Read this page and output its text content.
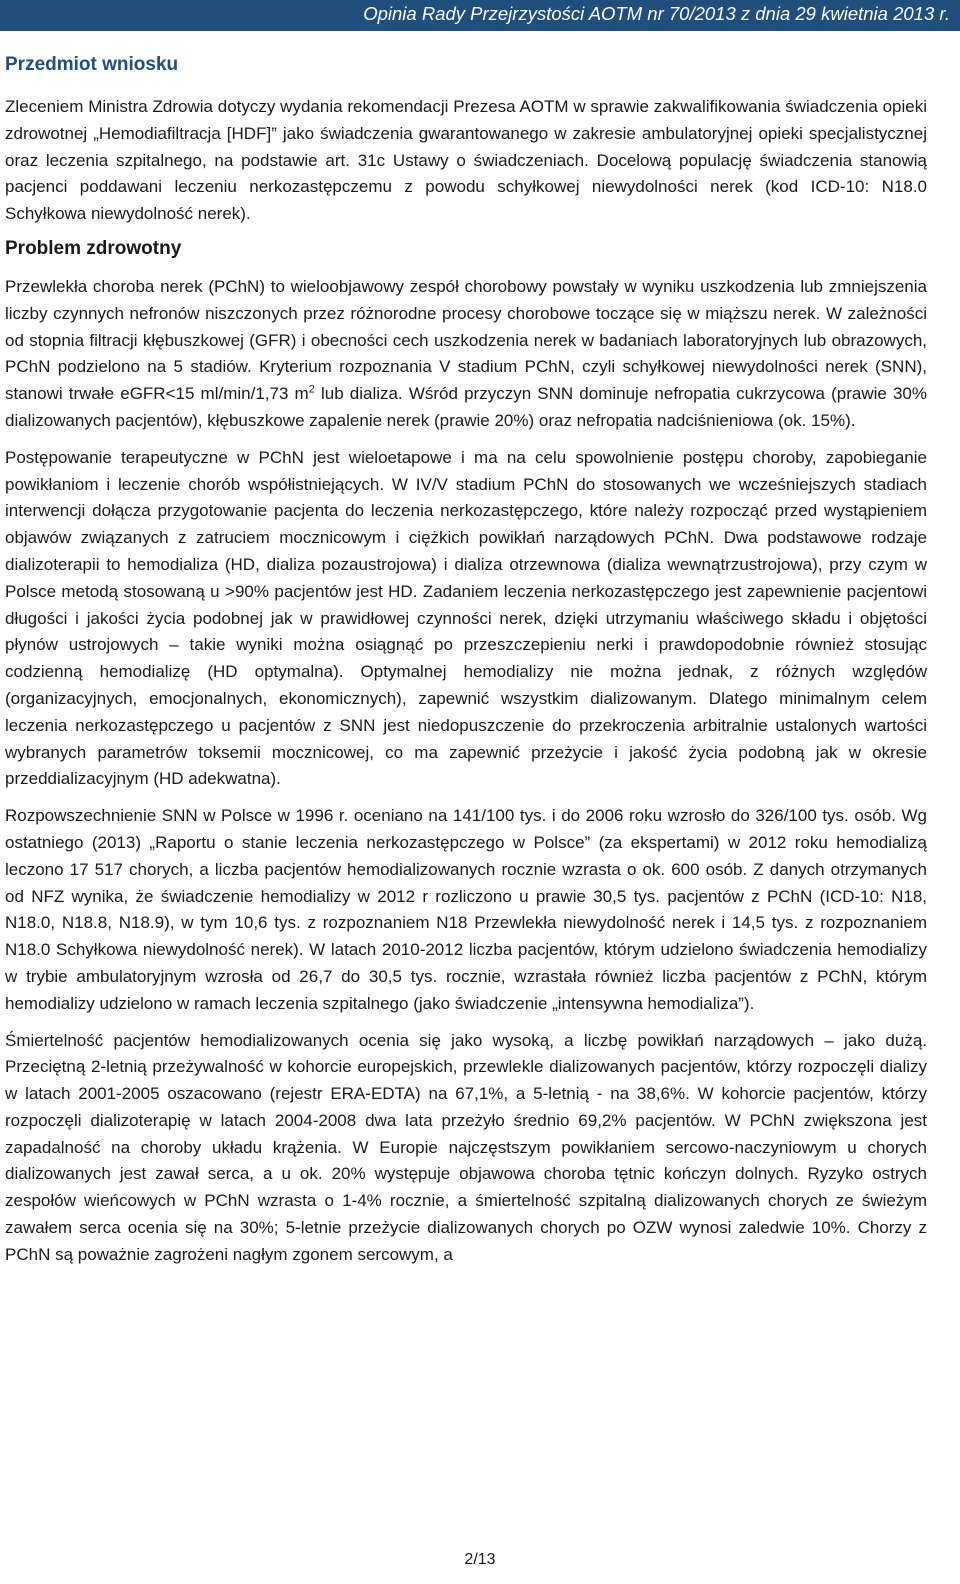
Opinia Rady Przejrzystości AOTM nr 70/2013 z dnia 29 kwietnia 2013 r.
Przedmiot wniosku

Zleceniem Ministra Zdrowia dotyczy wydania rekomendacji Prezesa AOTM w sprawie zakwalifikowania świadczenia opieki zdrowotnej „Hemodiafiltracja [HDF]” jako świadczenia gwarantowanego w zakresie ambulatoryjnej opieki specjalistycznej oraz leczenia szpitalnego, na podstawie art. 31c Ustawy o świadczeniach. Docelową populację świadczenia stanowią pacjenci poddawani leczeniu nerkozastępczemu z powodu schyłkowej niewydolności nerek (kod ICD-10: N18.0 Schyłkowa niewydolność nerek).

Problem zdrowotny

Przewlekła choroba nerek (PChN) to wieloobjawowy zespół chorobowy powstały w wyniku uszkodzenia lub zmniejszenia liczby czynnych nefronów niszczonych przez różnorodne procesy chorobowe toczące się w miąższu nerek. W zależności od stopnia filtracji kłębuszkowej (GFR) i obecności cech uszkodzenia nerek w badaniach laboratoryjnych lub obrazowych, PChN podzielono na 5 stadiów. Kryterium rozpoznania V stadium PChN, czyli schyłkowej niewydolności nerek (SNN), stanowi trwałe eGFR<15 ml/min/1,73 $m^2$ lub dializa. Wśród przyczyn SNN dominuje nefropatia cukrzycowa (prawie 30% dializowanych pacjentów), kłębuszkowe zapalenie nerek (prawie 20%) oraz nefropatia nadciśnieniowa (ok. 15%).

Postępowanie terapeutyczne w PChN jest wieloetapowe i ma na celu spowolnienie postępu choroby, zapobieganie powikłaniom i leczenie chorób współistniejących. W IV/V stadium PChN do stosowanych we wcześniejszych stadiach interwencji dołącza przygotowanie pacjenta do leczenia nerkozastępczego, które należy rozpocząć przed wystąpieniem objawów związanych z zatruciem mocznicowym i ciężkich powikłań narządowych PChN. Dwa podstawowe rodzaje dializoterapii to hemodializa (HD, dializa pozaustrojowa) i dializa otrzewnowa (dializa wewnątrzustrojowa), przy czym w Polsce metodą stosowaną u >90% pacjentów jest HD. Zadaniem leczenia nerkozastępczego jest zapewnienie pacjentowi długości i jakości życia podobnej jak w prawidłowej czynności nerek, dzięki utrzymaniu właściwego składu i objętości płynów ustrojowych – takie wyniki można osiągnąć po przeszczepieniu nerki i prawdopodobnie również stosując codzienną hemodializę (HD optymalna). Optymalnej hemodializy nie można jednak, z różnych względów (organizacyjnych, emocjonalnych, ekonomicznych), zapewnić wszystkim dializowanym. Dlatego minimalnym celem leczenia nerkozastępczego u pacjentów z SNN jest niedopuszczenie do przekroczenia arbitralnie ustalonych wartości wybranych parametrów toksemii mocznicowej, co ma zapewnić przeżycie i jakość życia podobną jak w okresie przeddializacyjnym (HD adekwatna).

Rozpowszechnienie SNN w Polsce w 1996 r. oceniano na 141/100 tys. i do 2006 roku wzrosło do 326/100 tys. osób. Wg ostatniego (2013) „Raportu o stanie leczenia nerkozastępczego w Polsce” (za ekspertami) w 2012 roku hemodializą leczono 17 517 chorych, a liczba pacjentów hemodializowanych rocznie wzrasta o ok. 600 osób. Z danych otrzymanych od NFZ wynika, że świadczenie hemodializy w 2012 r rozliczono u prawie 30,5 tys. pacjentów z PChN (ICD-10: N18, N18.0, N18.8, N18.9), w tym 10,6 tys. z rozpoznaniem N18 Przewlekła niewydolność nerek i 14,5 tys. z rozpoznaniem N18.0 Schyłkowa niewydolność nerek). W latach 2010-2012 liczba pacjentów, którym udzielono świadczenia hemodializy w trybie ambulatoryjnym wzrosła od 26,7 do 30,5 tys. rocznie, wzrastała również liczba pacjentów z PChN, którym hemodializy udzielono w ramach leczenia szpitalnego (jako świadczenie „intensywna hemodializa”).

Śmiertelność pacjentów hemodializowanych ocenia się jako wysoką, a liczbę powikłań narządowych – jako dużą. Przeciętną 2-letnią przeżywalność w kohorcie europejskich, przewlekle dializowanych pacjentów, którzy rozpoczęli dializy w latach 2001-2005 oszacowano (rejestr ERA-EDTA) na 67,1%, a 5-letnią - na 38,6%. W kohorcie pacjentów, którzy rozpoczęli dializoterapię w latach 2004-2008 dwa lata przeżyło średnio 69,2% pacjentów. W PChN zwiększona jest zapadalność na choroby układu krążenia. W Europie najczęstszym powikłaniem sercowo-naczyniowym u chorych dializowanych jest zawał serca, a u ok. 20% występuje objawowa choroba tętnic kończyn dolnych. Ryzyko ostrych zespołów wieńcowych w PChN wzrasta o 1-4% rocznie, a śmiertelność szpitalną dializowanych chorych ze świeżym zawałem serca ocenia się na 30%; 5-letnie przeżycie dializowanych chorych po OZW wynosi zaledwie 10%. Chorzy z PChN są poważnie zagrożeni nagłym zgonem sercowym, a

2/13
